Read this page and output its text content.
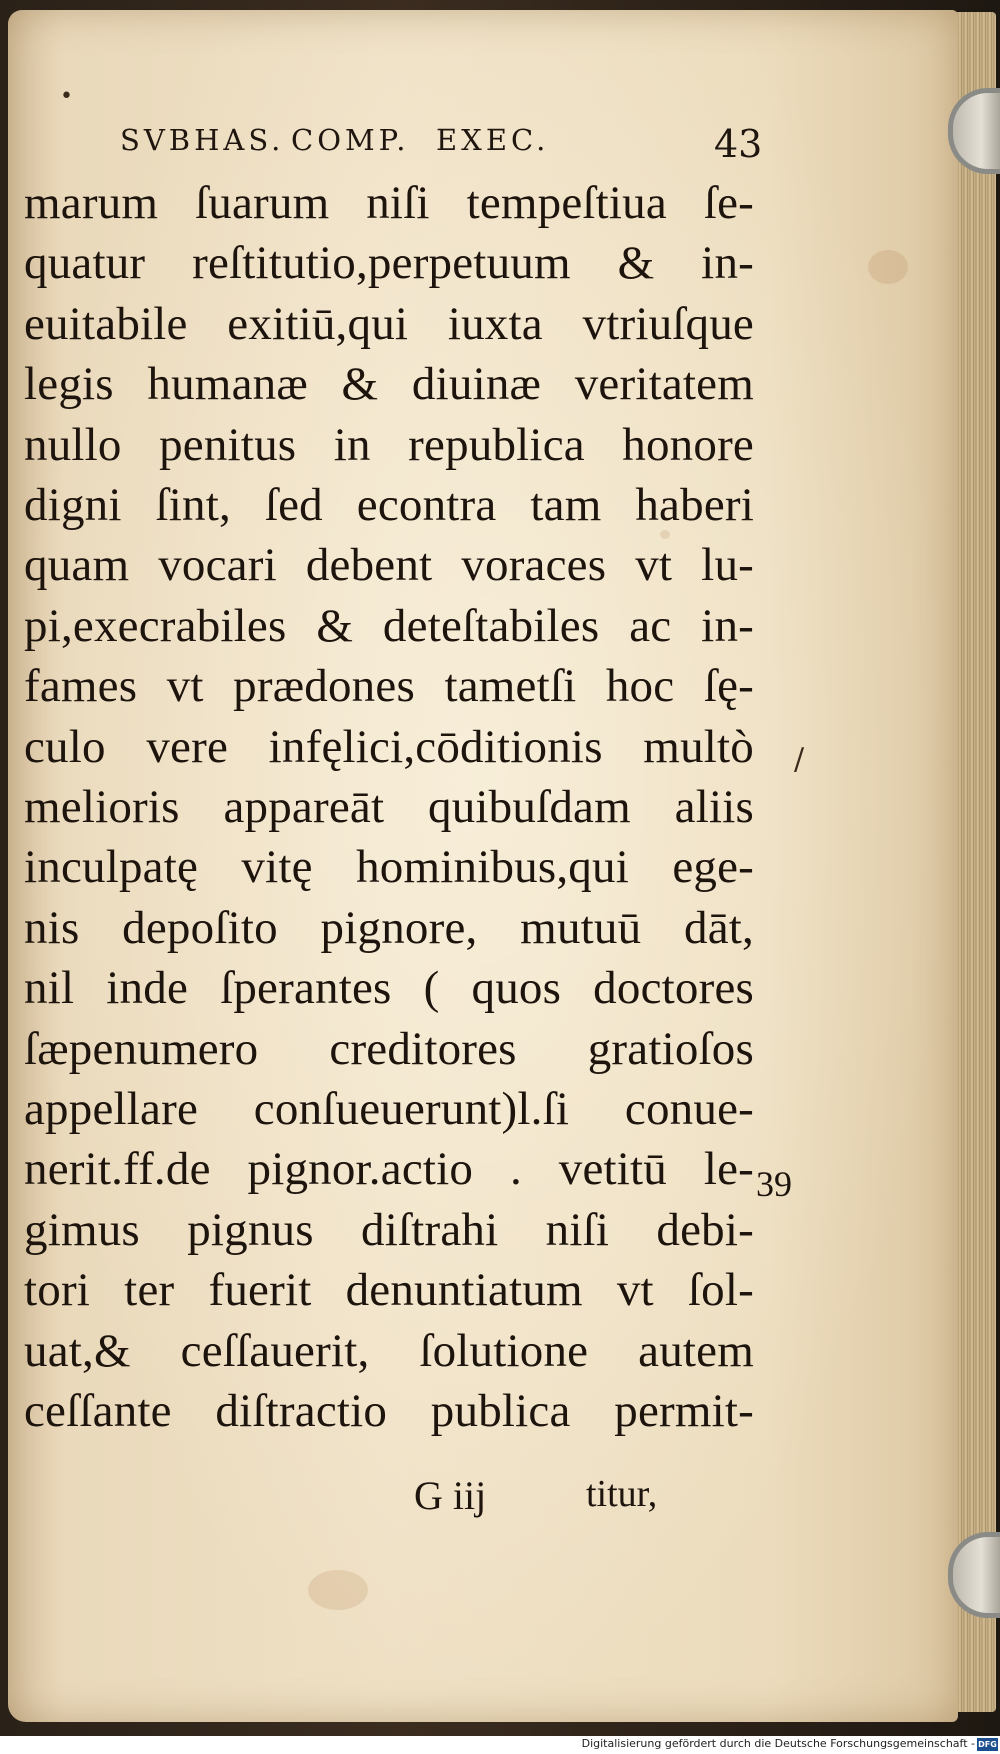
•
SVBHAS. COMP. EXEC.	43
/
marum ſuarum niſi tempeſtiua ſe-
quatur reſtitutio,perpetuum & in-
euitabile exitiū,qui iuxta vtriuſque
legis humanæ & diuinæ veritatem
nullo penitus in republica honore
digni ſint, ſed econtra tam haberi
quam vocari debent voraces vt lu-
pi,execrabiles & deteſtabiles ac in-
fames vt prædones tametſi hoc ſę-
culo vere infęlici,cōditionis multò
melioris appareāt quibuſdam aliis
inculpatę vitę hominibus,qui ege-
nis depoſito pignore, mutuū dāt,
nil inde ſperantes ( quos doctores
ſæpenumero creditores gratioſos
appellare conſueuerunt)l.ſi conue-
nerit.ff.de pignor.actio . vetitū le-
gimus pignus diſtrahi niſi debi-
tori ter fuerit denuntiatum vt ſol-
uat,& ceſſauerit, ſolutione autem
ceſſante diſtractio publica permit-
39
G iij	titur,
Digitalisierung gefördert durch die Deutsche Forschungsgemeinschaft - DFG
